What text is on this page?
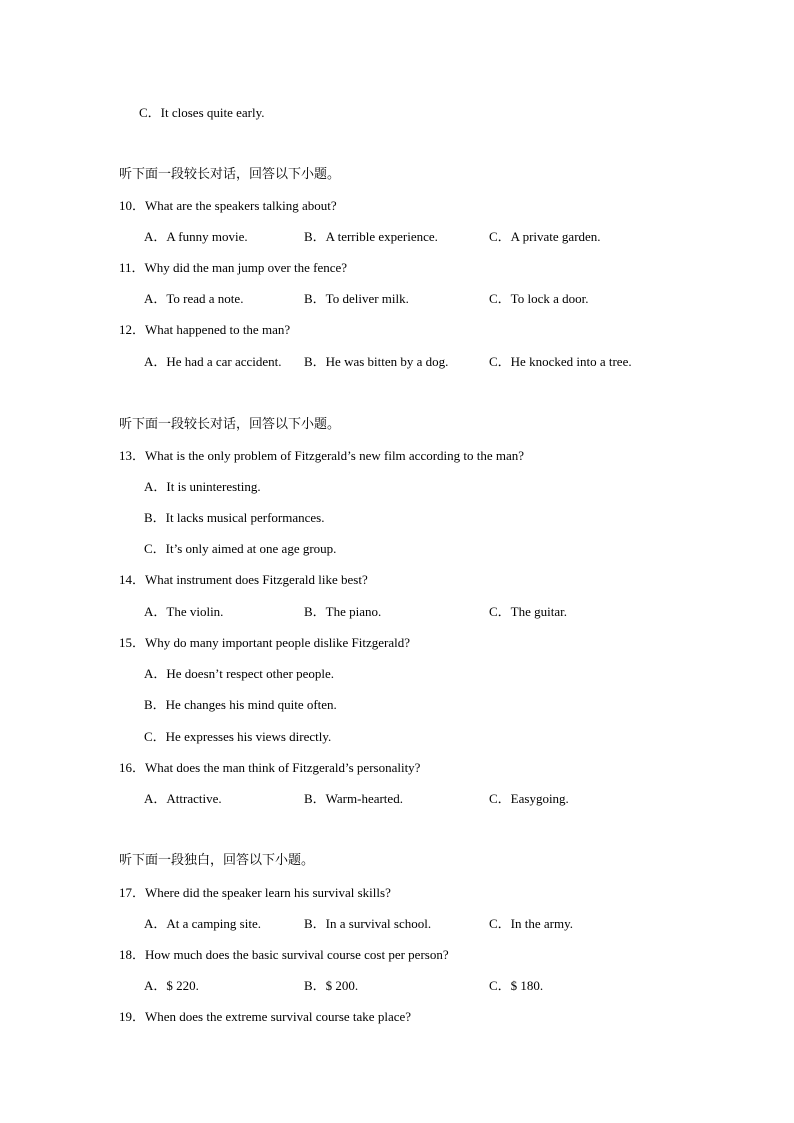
C．It closes quite early.
听下面一段较长对话，回答以下小题。
10．What are the speakers talking about?
A．A funny movie.	B．A terrible experience.	C．A private garden.
11．Why did the man jump over the fence?
A．To read a note.	B．To deliver milk.	C．To lock a door.
12．What happened to the man?
A．He had a car accident. B．He was bitten by a dog.	C．He knocked into a tree.
听下面一段较长对话，回答以下小题。
13．What is the only problem of Fitzgerald’s new film according to the man?
A．It is uninteresting.
B．It lacks musical performances.
C．It’s only aimed at one age group.
14．What instrument does Fitzgerald like best?
A．The violin.	B．The piano.	C．The guitar.
15．Why do many important people dislike Fitzgerald?
A．He doesn’t respect other people.
B．He changes his mind quite often.
C．He expresses his views directly.
16．What does the man think of Fitzgerald’s personality?
A．Attractive.	B．Warm-hearted.	C．Easygoing.
听下面一段独白，回答以下小题。
17．Where did the speaker learn his survival skills?
A．At a camping site.	B．In a survival school.	C．In the army.
18．How much does the basic survival course cost per person?
A．$ 220.	B．$ 200.	C．$ 180.
19．When does the extreme survival course take place?
